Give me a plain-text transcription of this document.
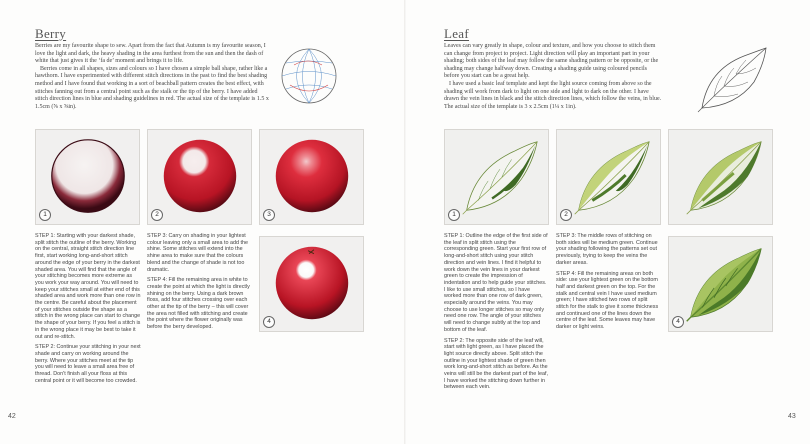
Berry

Berries are my favourite shape to sew. Apart from the fact that Autumn is my favourite season, I love the light and dark, the heavy shading in the area furthest from the sun and then the dash of white that just gives it the ‘fa de’ moment and brings it to life.

Berries come in all shapes, sizes and colours so I have chosen a simple ball shape, rather like a hawthorn. I have experimented with different stitch directions in the past to find the best shading method and I have found that working in a sort of beachball pattern creates the best effect, with stitches fanning out from a central point such as the stalk or the tip of the berry. I have added stitch direction lines in blue and shading guidelines in red. The actual size of the template is 1.5 x 1.5cm (⅝ x ⅝in).

1	2	3
4

STEP 1: Starting with your darkest shade, split stitch the outline of the berry. Working on the central, straight stitch direction line first, start working long-and-short stitch around the edge of your berry in the darkest shaded area. You will find that the angle of your stitching becomes more extreme as you work your way around. You will need to keep your stitches small at either end of this shaded area and work more than one row in the centre. Be careful about the placement of your stitches outside the shape as a stitch in the wrong place can start to change the shape of your berry. If you feel a stitch is in the wrong place it may be best to take it out and re-stitch.

STEP 2: Continue your stitching in your next shade and carry on working around the berry. Where your stitches meet at the tip you will need to leave a small area free of thread. Don't finish all your floss at this central point or it will become too crowded.

STEP 3: Carry on shading in your lightest colour leaving only a small area to add the shine. Some stitches will extend into the shine area to make sure that the colours blend and the change of shade is not too dramatic.

STEP 4: Fill the remaining area in white to create the point at which the light is directly shining on the berry. Using a dark brown floss, add four stitches crossing over each other at the tip of the berry – this will cover the area not filled with stitching and create the point where the flower originally was before the berry developed.

42
Leaf

Leaves can vary greatly in shape, colour and texture, and how you choose to stitch them can change from project to project. Light direction will play an important part in your shading; both sides of the leaf may follow the same shading pattern or be opposite, or the shading may change halfway down. Creating a shading guide using coloured pencils before you start can be a great help.

I have used a basic leaf template and kept the light source coming from above so the shading will work from dark to light on one side and light to dark on the other. I have drawn the vein lines in black and the stitch direction lines, which follow the veins, in blue. The actual size of the template is 3 x 2.5cm (1¼ x 1in).

1	2
4

STEP 1: Outline the edge of the first side of the leaf in split stitch using the corresponding green. Start your first row of long-and-short stitch using your stitch direction and vein lines. I find it helpful to work down the vein lines in your darkest green to create the impression of indentation and to help guide your stitches. I like to use small stitches, so I have worked more than one row of dark green, especially around the veins. You may choose to use longer stitches so may only need one row. The angle of your stitches will need to change subtly at the top and bottom of the leaf.

STEP 2: The opposite side of the leaf will, start with light green, as I have placed the light source directly above. Split stitch the outline in your lightest shade of green then work long-and-short stitch as before. As the veins will still be the darkest part of the leaf, I have worked the stitching down further in between each vein.

STEP 3: The middle rows of stitching on both sides will be medium green. Continue your shading following the patterns set out previously, trying to keep the veins the darker areas.

STEP 4: Fill the remaining areas on both side: use your lightest green on the bottom half and darkest green on the top. For the stalk and central vein I have used medium green; I have stitched two rows of split stitch for the stalk to give it some thickness and continued one of the lines down the centre of the leaf. Some leaves may have darker or light veins.

43
